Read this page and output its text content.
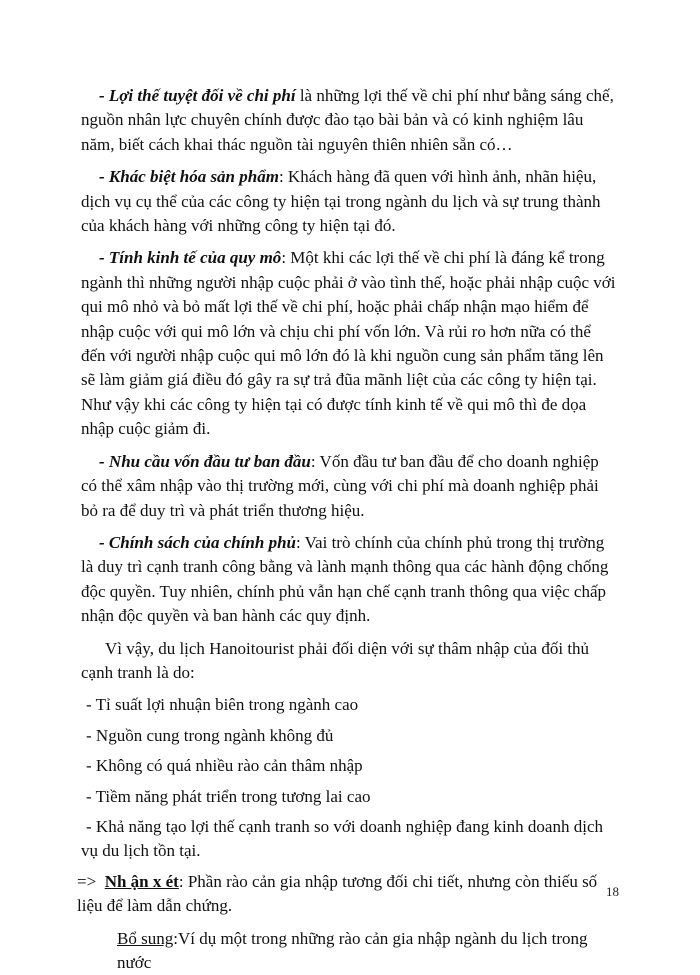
- Lợi thế tuyệt đối về chi phí là những lợi thế về chi phí như bằng sáng chế, nguồn nhân lực chuyên chính được đào tạo bài bản và có kinh nghiệm lâu năm, biết cách khai thác nguồn tài nguyên thiên nhiên sẵn có…

- Khác biệt hóa sản phẩm: Khách hàng đã quen với hình ảnh, nhãn hiệu, dịch vụ cụ thể của các công ty hiện tại trong ngành du lịch và sự trung thành của khách hàng với những công ty hiện tại đó.

- Tính kinh tế của quy mô: Một khi các lợi thế về chi phí là đáng kể trong ngành thì những người nhập cuộc phải ở vào tình thế, hoặc phải nhập cuộc với qui mô nhỏ và bỏ mất lợi thế về chi phí, hoặc phải chấp nhận mạo hiểm để nhập cuộc với qui mô lớn và chịu chi phí vốn lớn. Và rủi ro hơn nữa có thể đến với người nhập cuộc qui mô lớn đó là khi nguồn cung sản phẩm tăng lên sẽ làm giảm giá điều đó gây ra sự trả đũa mãnh liệt của các công ty hiện tại. Như vậy khi các công ty hiện tại có được tính kinh tế về qui mô thì đe dọa nhập cuộc giảm đi.

- Nhu cầu vốn đầu tư ban đầu: Vốn đầu tư ban đầu để cho doanh nghiệp có thể xâm nhập vào thị trường mới, cùng với chi phí mà doanh nghiệp phải bỏ ra để duy trì và phát triển thương hiệu.

- Chính sách của chính phủ: Vai trò chính của chính phủ trong thị trường là duy trì cạnh tranh công bằng và lành mạnh thông qua các hành động chống độc quyền. Tuy nhiên, chính phủ vẫn hạn chế cạnh tranh thông qua việc chấp nhận độc quyền và ban hành các quy định.

Vì vậy, du lịch Hanoitourist phải đối diện với sự thâm nhập của đối thủ cạnh tranh là do:

- Tỉ suất lợi nhuận biên trong ngành cao

- Nguồn cung trong ngành không đủ

- Không có quá nhiều rào cản thâm nhập

- Tiềm năng phát triển trong tương lai cao

- Khả năng tạo lợi thế cạnh tranh so với doanh nghiệp đang kinh doanh dịch vụ du lịch tồn tại.

=> Nh ận x ét: Phần rào cản gia nhập tương đối chi tiết, nhưng còn thiếu số liệu để làm dẫn chứng.

Bổ sung:Ví dụ một trong những rào cản gia nhập ngành du lịch trong nước

18
